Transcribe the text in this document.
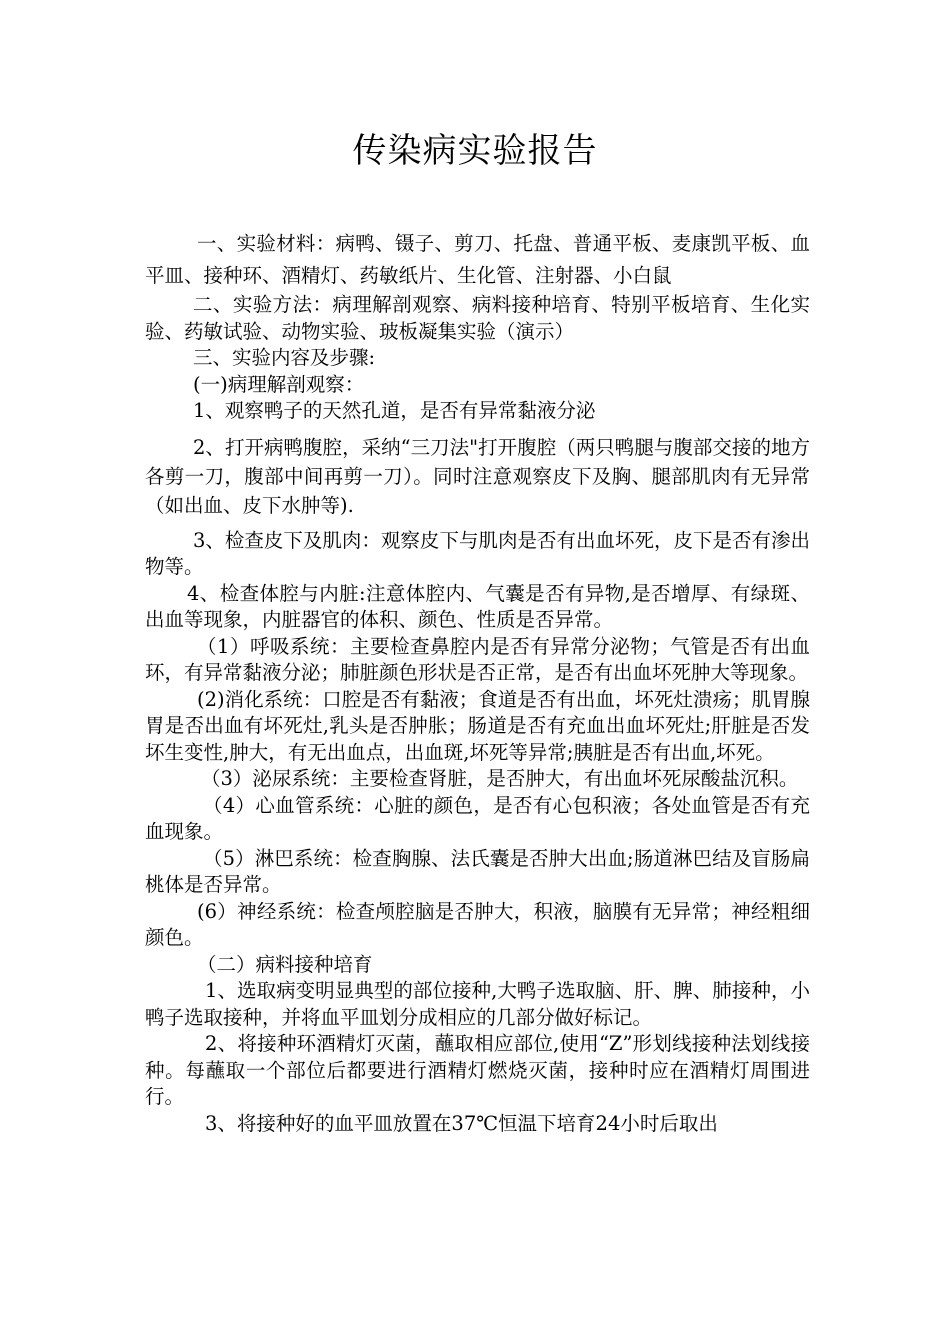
传染病实验报告

一、实验材料：病鸭、镊子、剪刀、托盘、普通平板、麦康凯平板、血平皿、接种环、酒精灯、药敏纸片、生化管、注射器、小白鼠

二、实验方法：病理解剖观察、病料接种培育、特别平板培育、生化实验、药敏试验、动物实验、玻板凝集实验（演示）

三、实验内容及步骤:

(一)病理解剖观察：

1、观察鸭子的天然孔道，是否有异常黏液分泌

2、打开病鸭腹腔，采纳“三刀法"打开腹腔（两只鸭腿与腹部交接的地方各剪一刀，腹部中间再剪一刀）。同时注意观察皮下及胸、腿部肌肉有无异常（如出血、皮下水肿等).

3、检查皮下及肌肉：观察皮下与肌肉是否有出血坏死，皮下是否有渗出物等。

4、检查体腔与内脏:注意体腔内、气囊是否有异物,是否增厚、有绿斑、出血等现象，内脏器官的体积、颜色、性质是否异常。

（1）呼吸系统：主要检查鼻腔内是否有异常分泌物；气管是否有出血环，有异常黏液分泌；肺脏颜色形状是否正常，是否有出血坏死肿大等现象。

(2)消化系统：口腔是否有黏液；食道是否有出血，坏死灶溃疡；肌胃腺胃是否出血有坏死灶,乳头是否肿胀；肠道是否有充血出血坏死灶;肝脏是否发坏生变性,肿大，有无出血点，出血斑,坏死等异常;胰脏是否有出血,坏死。

（3）泌尿系统：主要检查肾脏，是否肿大，有出血坏死尿酸盐沉积。

（4）心血管系统：心脏的颜色，是否有心包积液；各处血管是否有充血现象。

（5）淋巴系统：检查胸腺、法氏囊是否肿大出血;肠道淋巴结及盲肠扁桃体是否异常。

(6）神经系统：检查颅腔脑是否肿大，积液，脑膜有无异常；神经粗细颜色。

（二）病料接种培育

1、选取病变明显典型的部位接种,大鸭子选取脑、肝、脾、肺接种，小鸭子选取接种，并将血平皿划分成相应的几部分做好标记。

2、将接种环酒精灯灭菌，蘸取相应部位,使用“Z”形划线接种法划线接种。每蘸取一个部位后都要进行酒精灯燃烧灭菌，接种时应在酒精灯周围进行。

3、将接种好的血平皿放置在37℃恒温下培育24小时后取出
